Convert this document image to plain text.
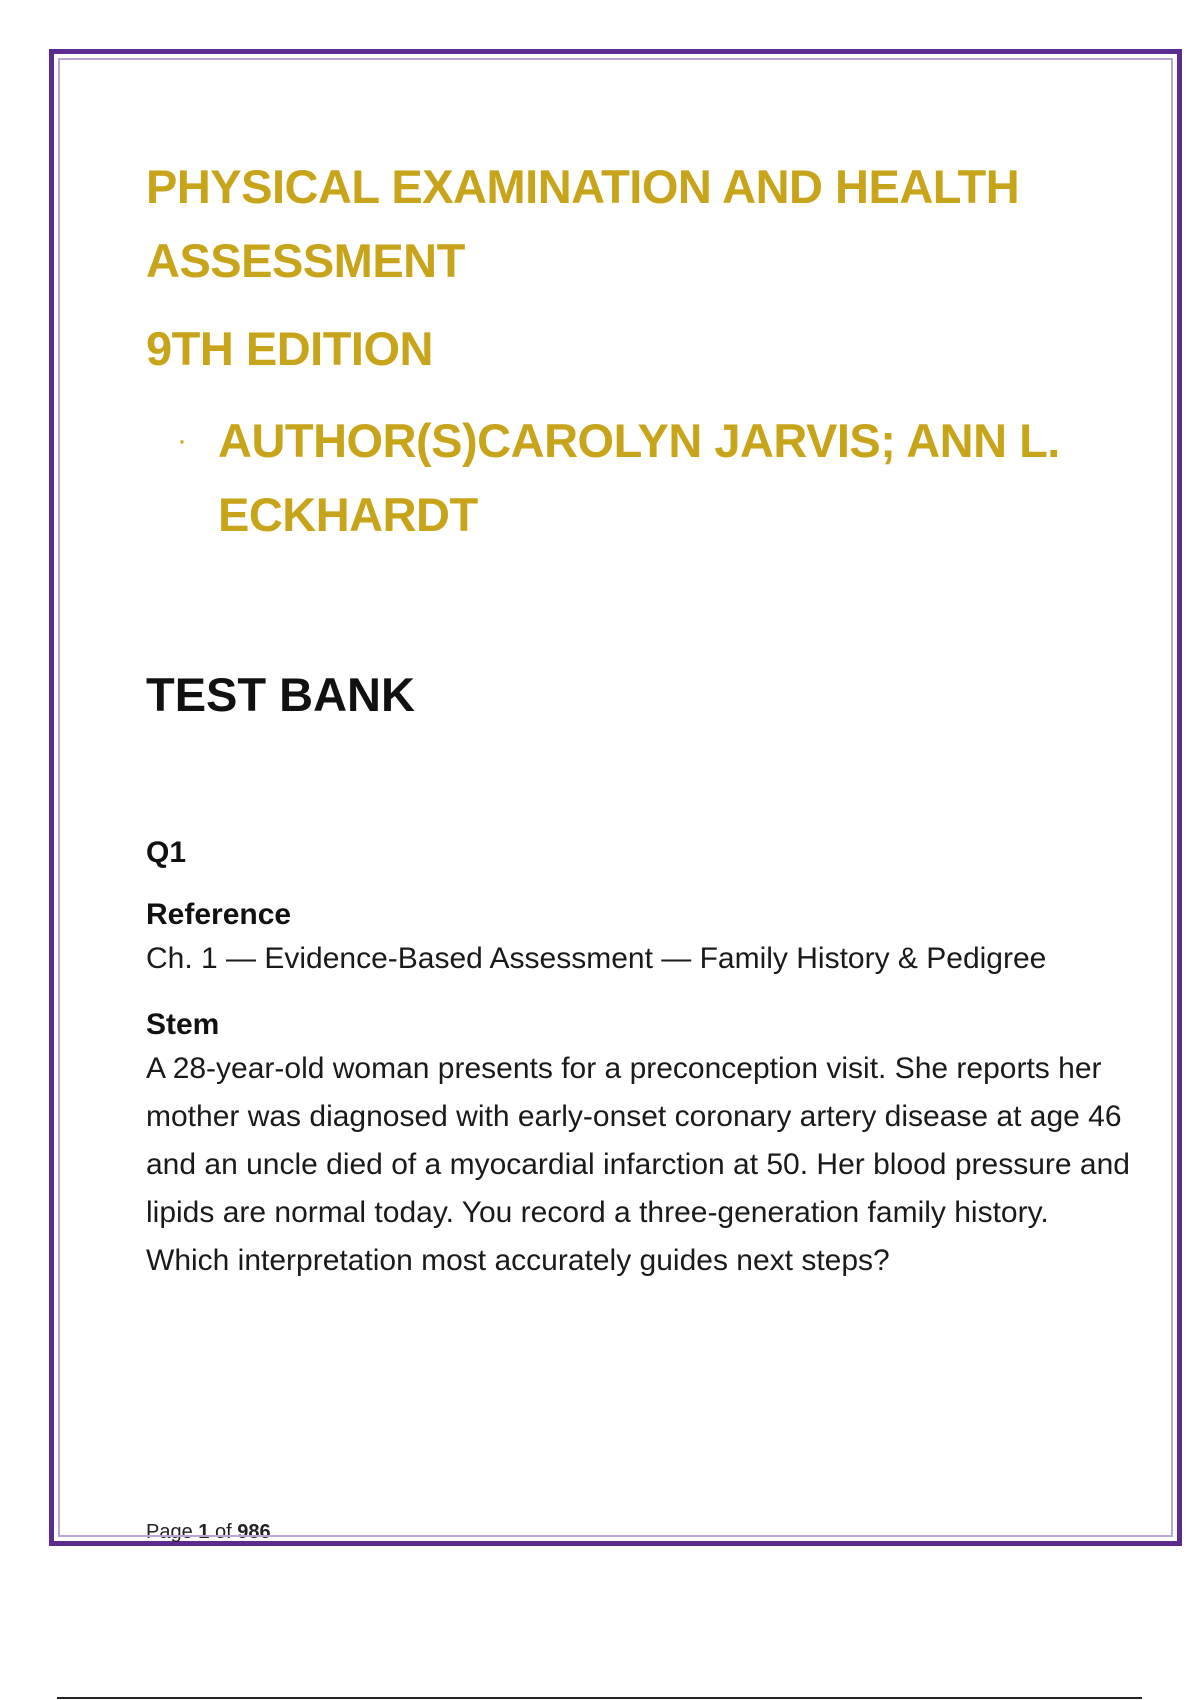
PHYSICAL EXAMINATION AND HEALTH ASSESSMENT
9TH EDITION
· AUTHOR(S)CAROLYN JARVIS; ANN L. ECKHARDT
TEST BANK

Q1

Reference

Ch. 1 — Evidence-Based Assessment — Family History & Pedigree

Stem

A 28-year-old woman presents for a preconception visit. She reports her mother was diagnosed with early-onset coronary artery disease at age 46 and an uncle died of a myocardial infarction at 50. Her blood pressure and lipids are normal today. You record a three-generation family history. Which interpretation most accurately guides next steps?

Page 1 of 986
